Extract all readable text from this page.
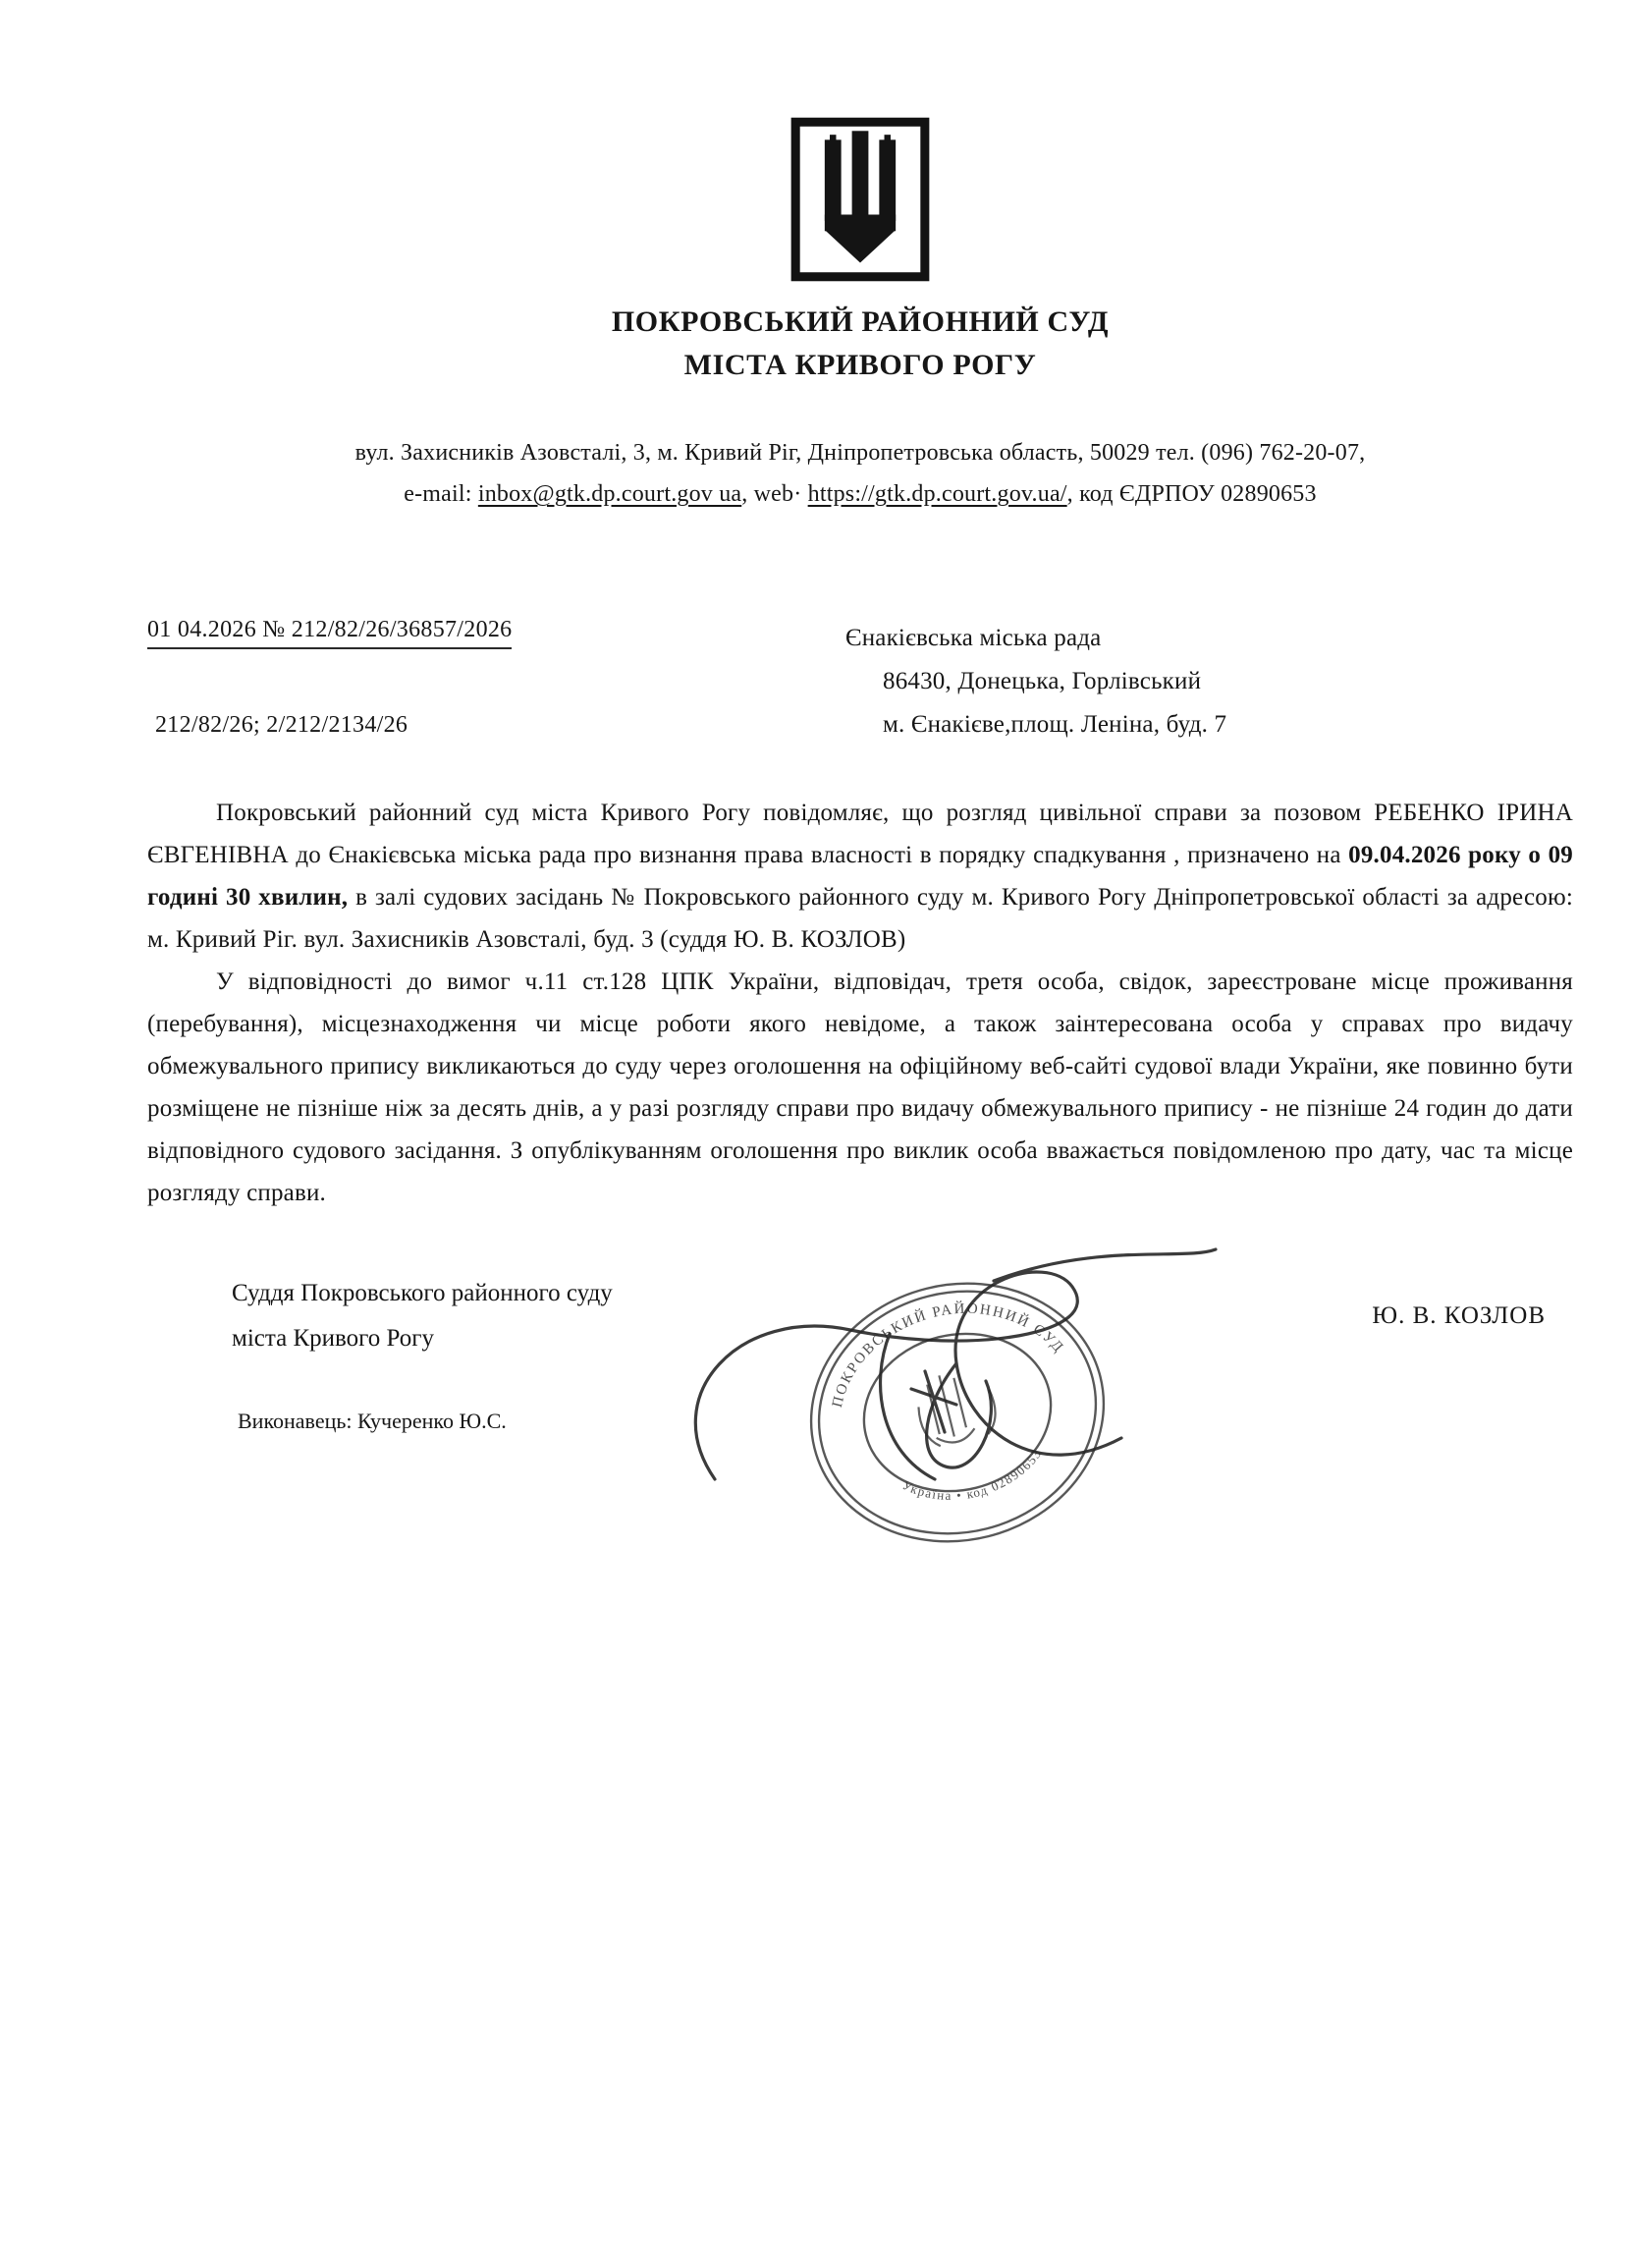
ПОКРОВСЬКИЙ РАЙОННИЙ СУД
МІСТА КРИВОГО РОГУ
вул. Захисників Азовсталі, 3, м. Кривий Ріг, Дніпропетровська область, 50029 тел. (096) 762-20-07,
e-mail: inbox@gtk.dp.court.gov ua, web· https://gtk.dp.court.gov.ua/, код ЄДРПОУ 02890653
01 04.2026 № 212/82/26/36857/2026
212/82/26; 2/212/2134/26
Єнакієвська міська рада
86430, Донецька, Горлівський
м. Єнакієве,площ. Леніна, буд. 7

Покровський районний суд міста Кривого Рогу повідомляє, що розгляд цивільної справи за позовом РЕБЕНКО ІРИНА ЄВГЕНІВНА до Єнакієвська міська рада про визнання права власності в порядку спадкування , призначено на 09.04.2026 року о 09 годині 30 хвилин, в залі судових засідань № Покровського районного суду м. Кривого Рогу Дніпропетровської області за адресою: м. Кривий Ріг. вул. Захисників Азовсталі, буд. 3 (суддя Ю. В. КОЗЛОВ)

У відповідності до вимог ч.11 ст.128 ЦПК України, відповідач, третя особа, свідок, зареєстроване місце проживання (перебування), місцезнаходження чи місце роботи якого невідоме, а також заінтересована особа у справах про видачу обмежувального припису викликаються до суду через оголошення на офіційному веб-сайті судової влади України, яке повинно бути розміщене не пізніше ніж за десять днів, а у разі розгляду справи про видачу обмежувального припису - не пізніше 24 годин до дати відповідного судового засідання. З опублікуванням оголошення про виклик особа вважається повідомленою про дату, час та місце розгляду справи.

Суддя Покровського районного суду
міста Кривого Рогу
Ю. В. КОЗЛОВ
Виконавець: Кучеренко Ю.С.
ПОКРОВСЬКИЙ РАЙОННИЙ СУД
Україна • код 02890653
